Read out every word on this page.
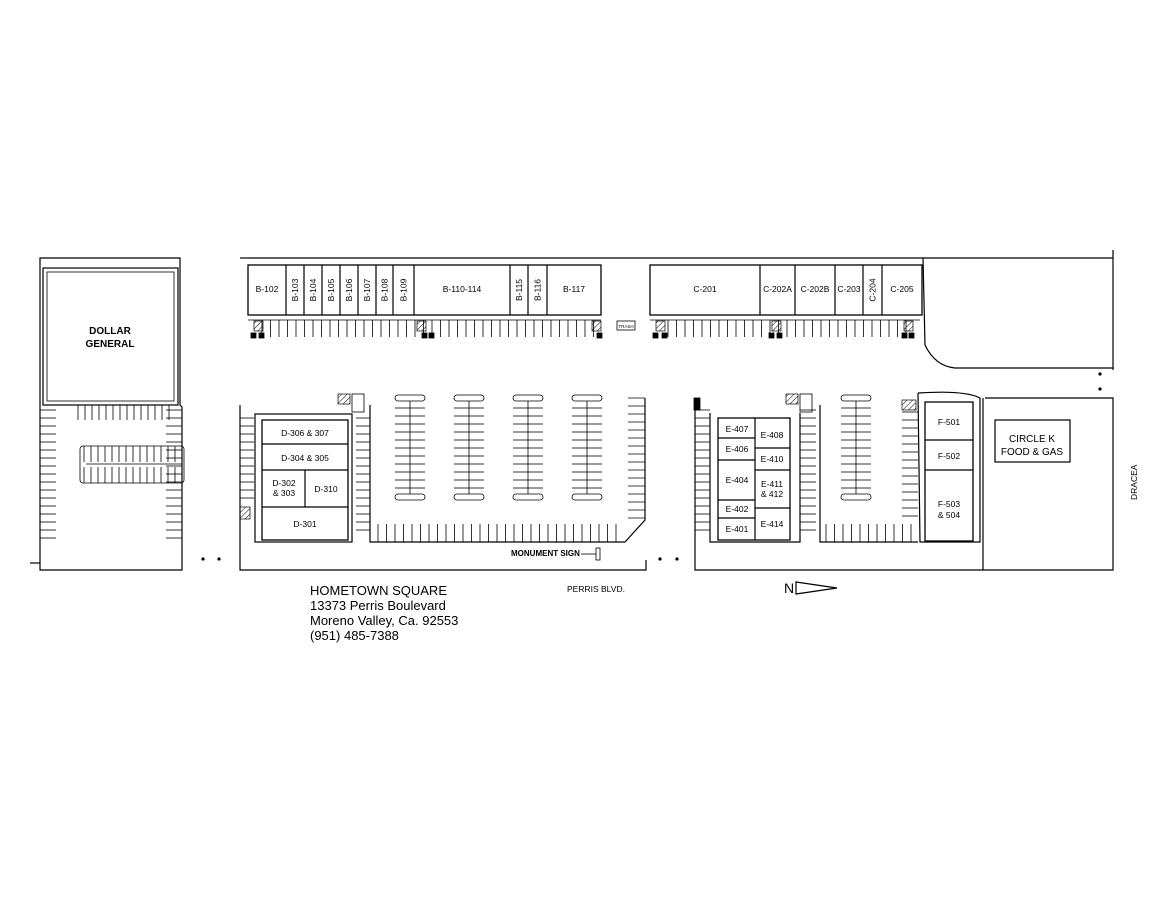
DOLLAR
GENERAL
B-102 B-103 B-104 B-105 B-106 B-107 B-108 B-109	B-110-114	B-115 B-116 B-117	C-201	C-202A C-202B C-203 C-204 C-205
TRASH
D-306 & 307
D-304 & 305
D-302
& 303 D-310
D-301
E-407
E-406
E-404
E-402
E-401
E-408
E-410
E-411
& 412
E-414
F-501
F-502
F-503
& 504
CIRCLE K
FOOD & GAS
MONUMENT SIGN
PERRIS BLVD.
DRACEA
N
HOMETOWN SQUARE
13373 Perris Boulevard
Moreno Valley, Ca. 92553
(951) 485-7388
